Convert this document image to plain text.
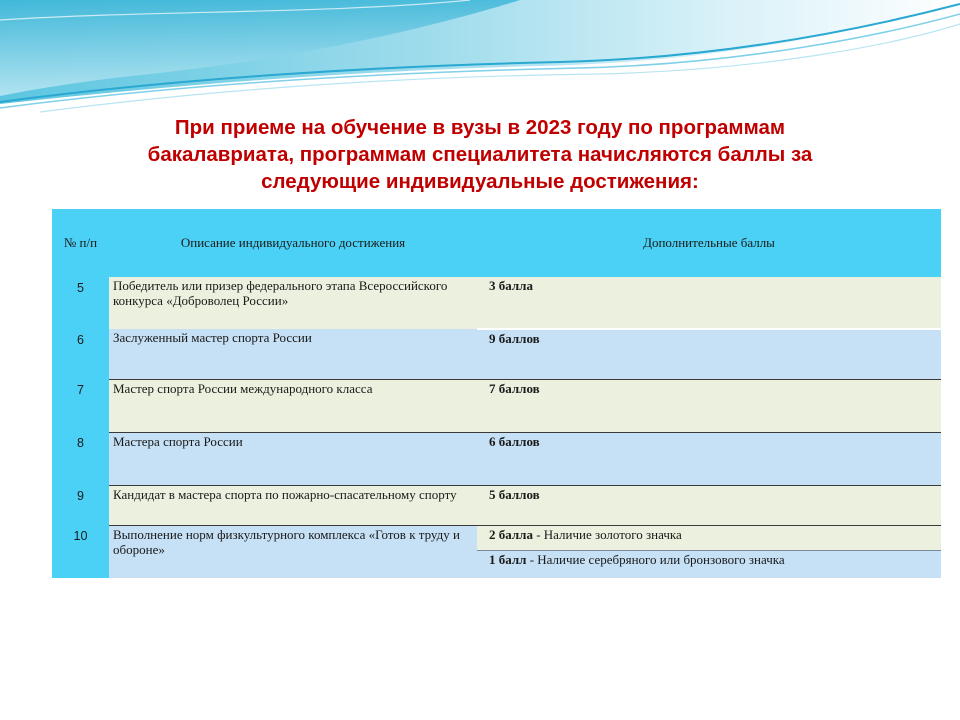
При приеме на обучение в вузы в 2023 году по программам
бакалавриата, программам специалитета начисляются баллы за
следующие индивидуальные достижения:
№ п/п	Описание индивидуального достижения	Дополнительные баллы
5	Победитель или призер федерального этапа Всероссийского конкурса «Доброволец России»	3 балла
6	Заслуженный мастер спорта России	9 баллов
7	Мастер спорта России международного класса	7 баллов
8	Мастера спорта России	6 баллов
9	Кандидат в мастера спорта по пожарно-спасательному спорту	5 баллов
10	Выполнение норм физкультурного комплекса «Готов к труду и обороне»	2 балла - Наличие золотого значка
		1 балл - Наличие серебряного или бронзового значка
